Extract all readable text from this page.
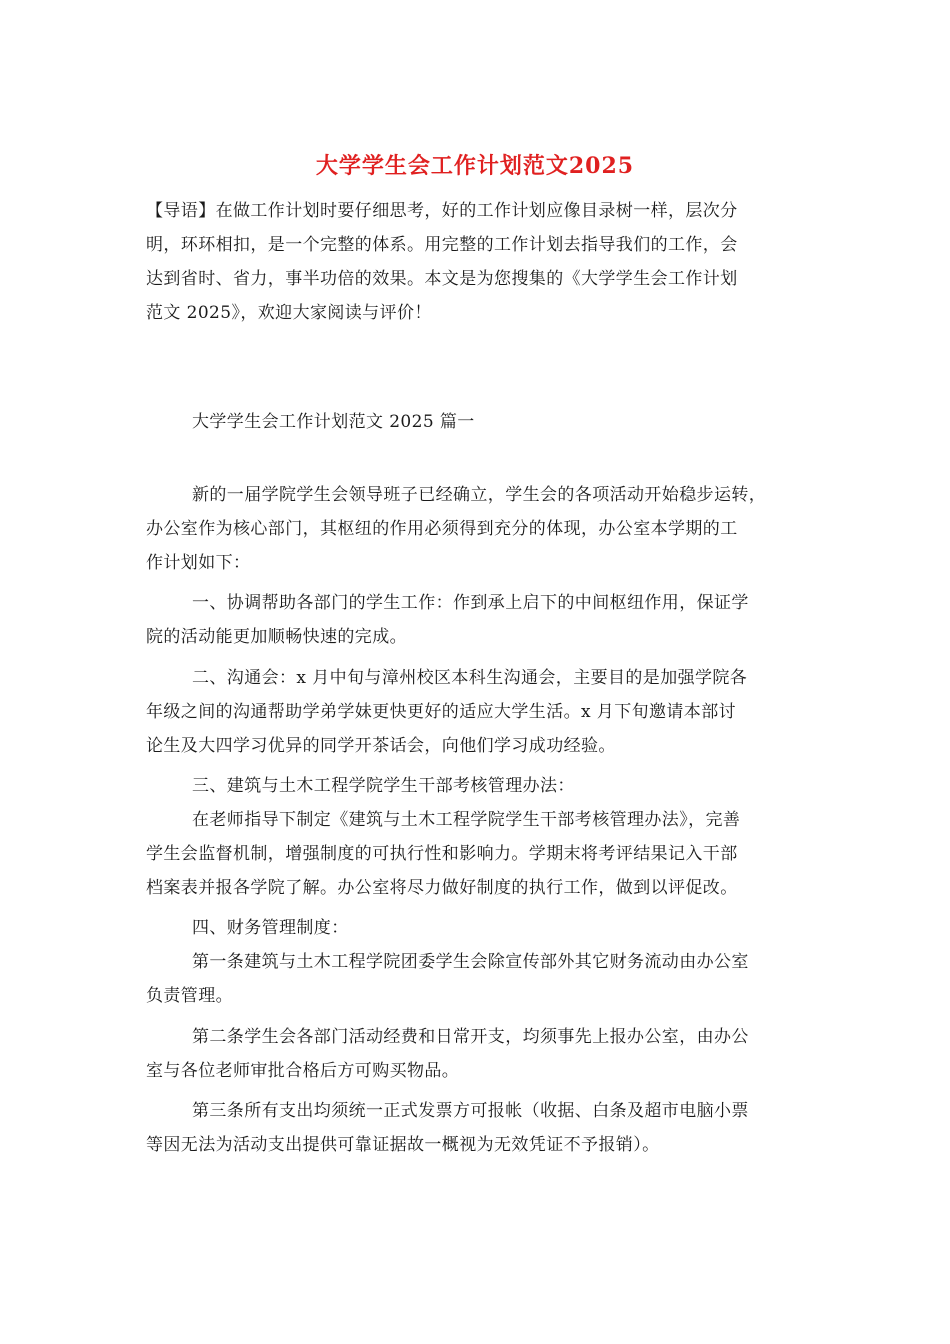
大学学生会工作计划范文2025
【导语】在做工作计划时要仔细思考，好的工作计划应像目录树一样，层次分
明，环环相扣，是一个完整的体系。用完整的工作计划去指导我们的工作，会
达到省时、省力，事半功倍的效果。本文是为您搜集的《大学学生会工作计划
范文 2025》，欢迎大家阅读与评价！
大学学生会工作计划范文 2025 篇一
新的一届学院学生会领导班子已经确立，学生会的各项活动开始稳步运转，
办公室作为核心部门，其枢纽的作用必须得到充分的体现，办公室本学期的工
作计划如下：
一、协调帮助各部门的学生工作：作到承上启下的中间枢纽作用，保证学
院的活动能更加顺畅快速的完成。
二、沟通会：x 月中旬与漳州校区本科生沟通会，主要目的是加强学院各
年级之间的沟通帮助学弟学妹更快更好的适应大学生活。x 月下旬邀请本部讨
论生及大四学习优异的同学开茶话会，向他们学习成功经验。
三、建筑与土木工程学院学生干部考核管理办法：
在老师指导下制定《建筑与土木工程学院学生干部考核管理办法》，完善
学生会监督机制，增强制度的可执行性和影响力。学期末将考评结果记入干部
档案表并报各学院了解。办公室将尽力做好制度的执行工作，做到以评促改。
四、财务管理制度：
第一条建筑与土木工程学院团委学生会除宣传部外其它财务流动由办公室
负责管理。
第二条学生会各部门活动经费和日常开支，均须事先上报办公室，由办公
室与各位老师审批合格后方可购买物品。
第三条所有支出均须统一正式发票方可报帐（收据、白条及超市电脑小票
等因无法为活动支出提供可靠证据故一概视为无效凭证不予报销）。
